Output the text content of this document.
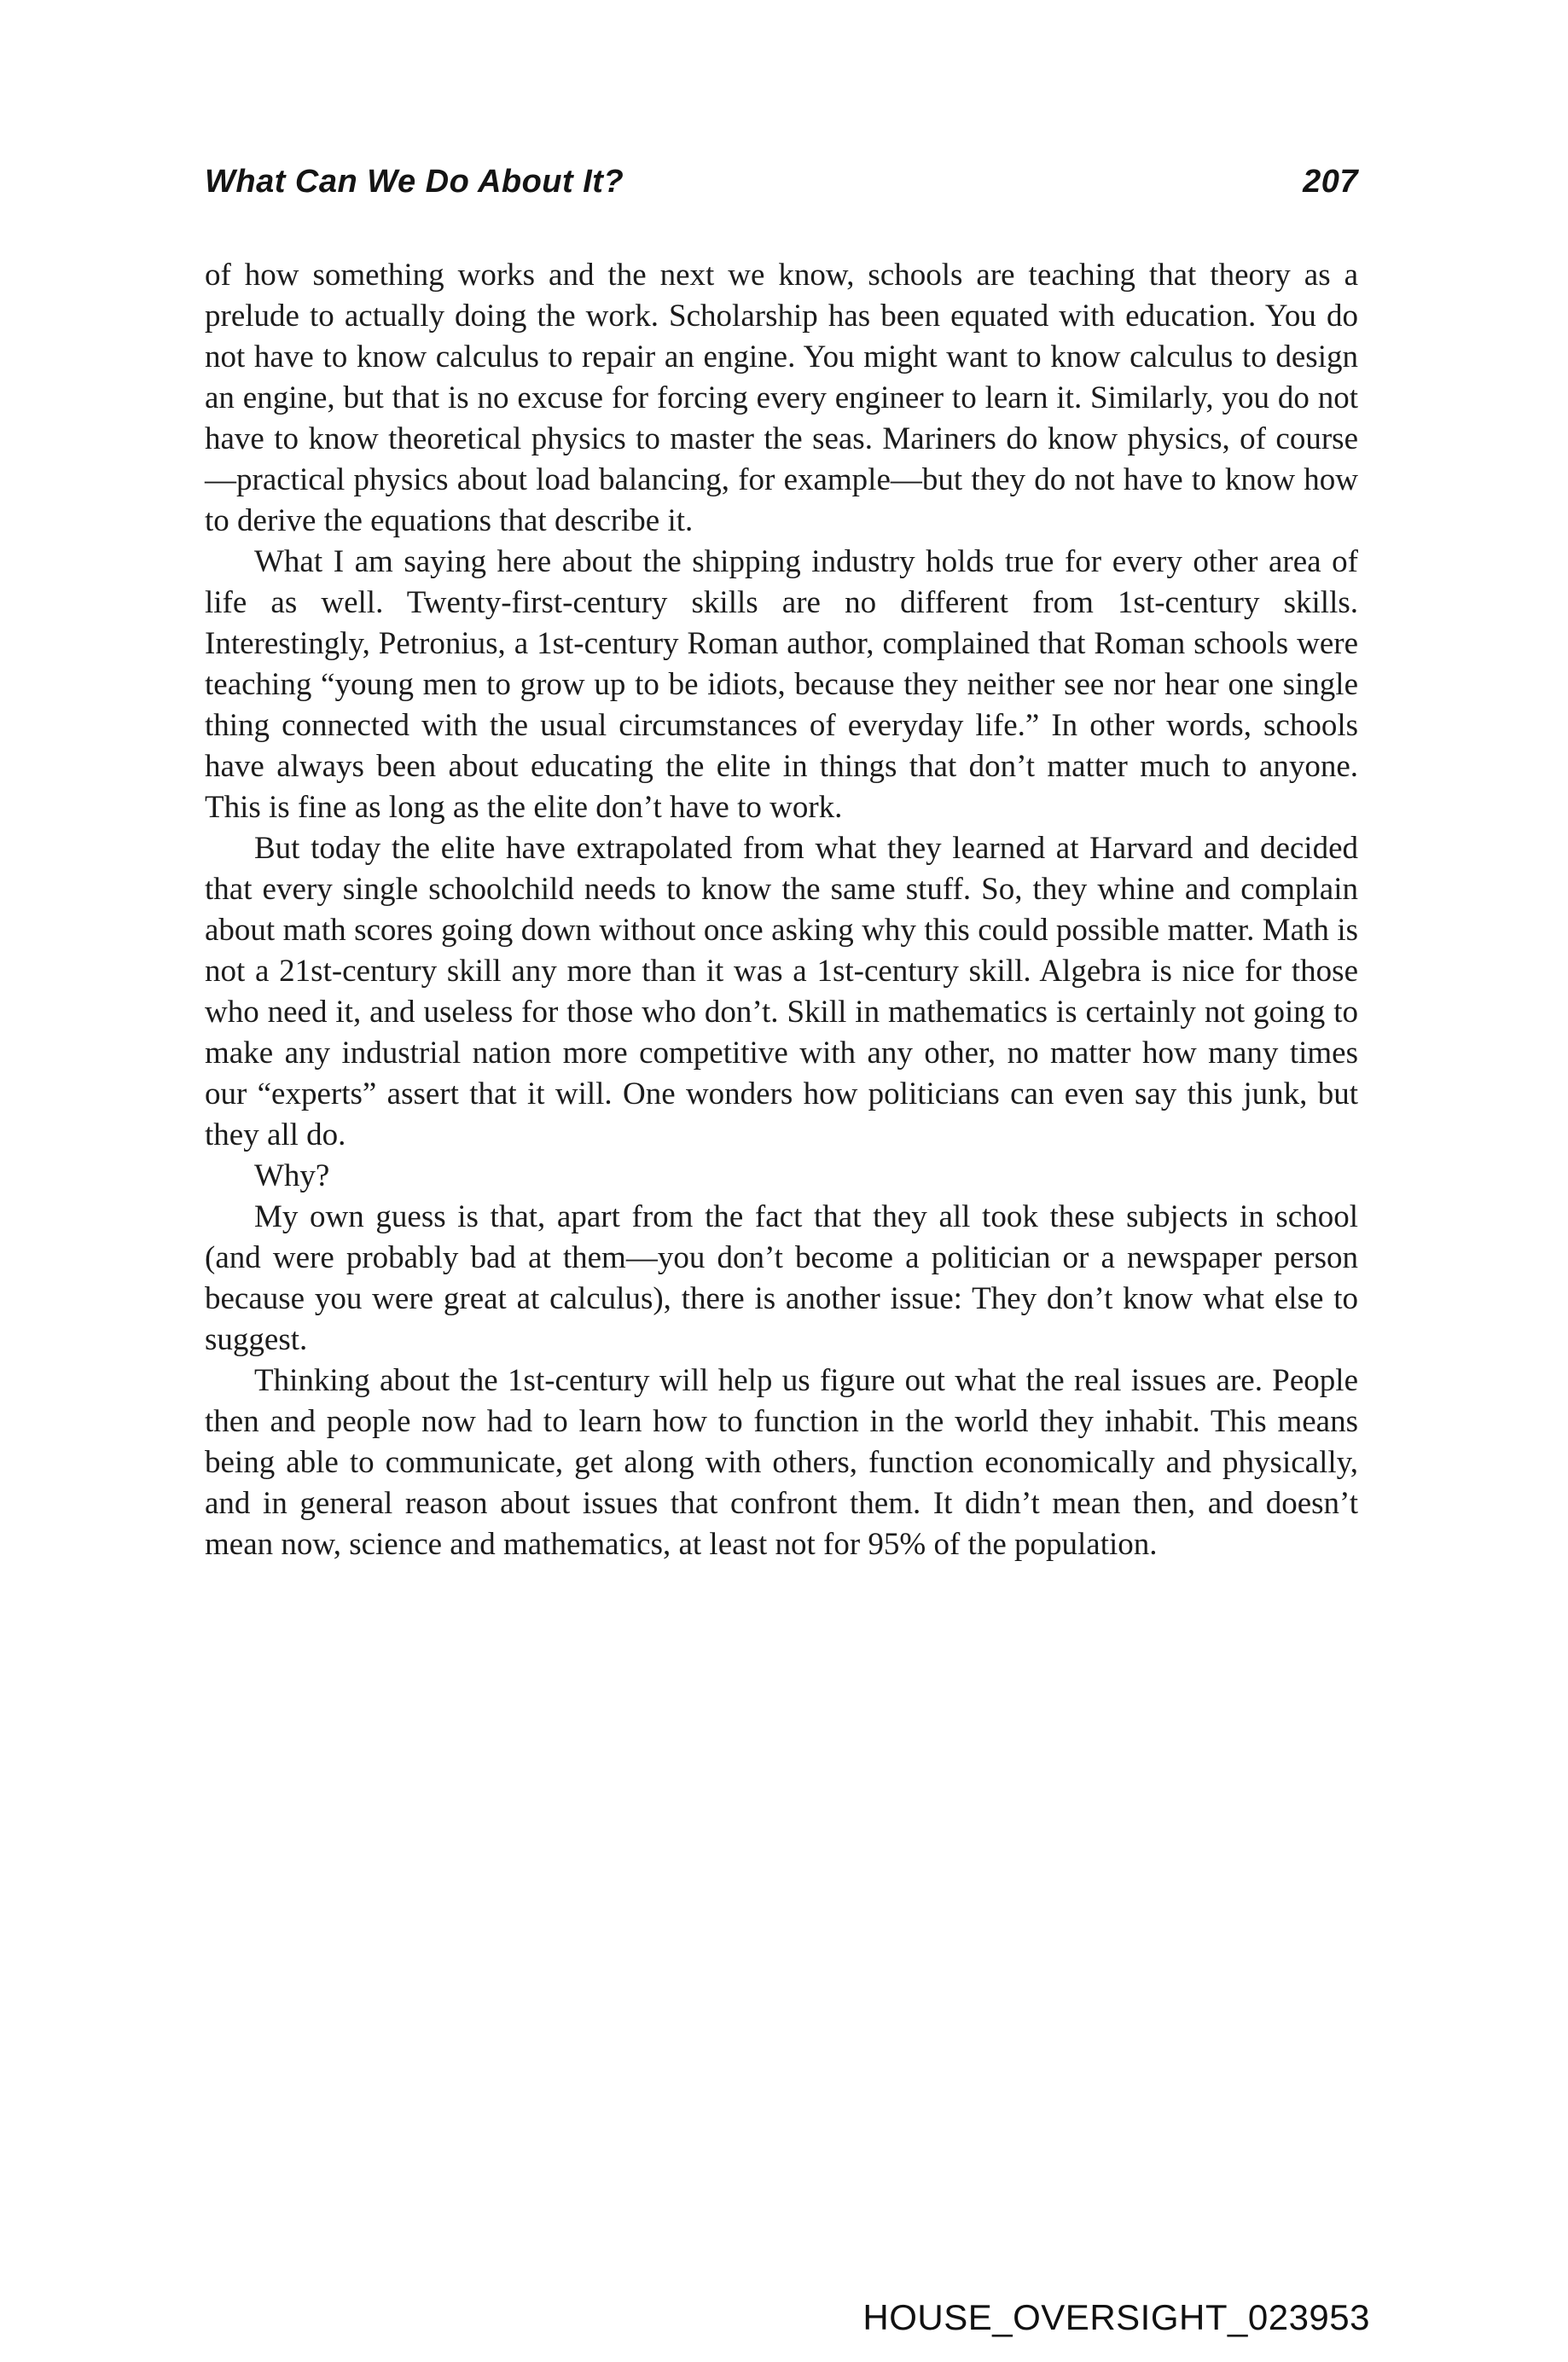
What Can We Do About It?	207

of how something works and the next we know, schools are teaching that theory as a prelude to actually doing the work. Scholarship has been equated with education. You do not have to know calculus to repair an engine. You might want to know calculus to design an engine, but that is no excuse for forcing every engineer to learn it. Similarly, you do not have to know theoretical physics to master the seas. Mariners do know physics, of course—practical physics about load balancing, for example—but they do not have to know how to derive the equations that describe it.

What I am saying here about the shipping industry holds true for every other area of life as well. Twenty-first-century skills are no different from 1st-century skills. Interestingly, Petronius, a 1st-century Roman author, complained that Roman schools were teaching “young men to grow up to be idiots, because they neither see nor hear one single thing connected with the usual circumstances of everyday life.” In other words, schools have always been about educating the elite in things that don’t matter much to anyone. This is fine as long as the elite don’t have to work.

But today the elite have extrapolated from what they learned at Harvard and decided that every single schoolchild needs to know the same stuff. So, they whine and complain about math scores going down without once asking why this could possible matter. Math is not a 21st-century skill any more than it was a 1st-century skill. Algebra is nice for those who need it, and useless for those who don’t. Skill in mathematics is certainly not going to make any industrial nation more competitive with any other, no matter how many times our “experts” assert that it will. One wonders how politicians can even say this junk, but they all do.

Why?

My own guess is that, apart from the fact that they all took these subjects in school (and were probably bad at them—you don’t become a politician or a newspaper person because you were great at calculus), there is another issue: They don’t know what else to suggest.

Thinking about the 1st-century will help us figure out what the real issues are. People then and people now had to learn how to function in the world they inhabit. This means being able to communicate, get along with others, function economically and physically, and in general reason about issues that confront them. It didn’t mean then, and doesn’t mean now, science and mathematics, at least not for 95% of the population.

HOUSE_OVERSIGHT_023953
